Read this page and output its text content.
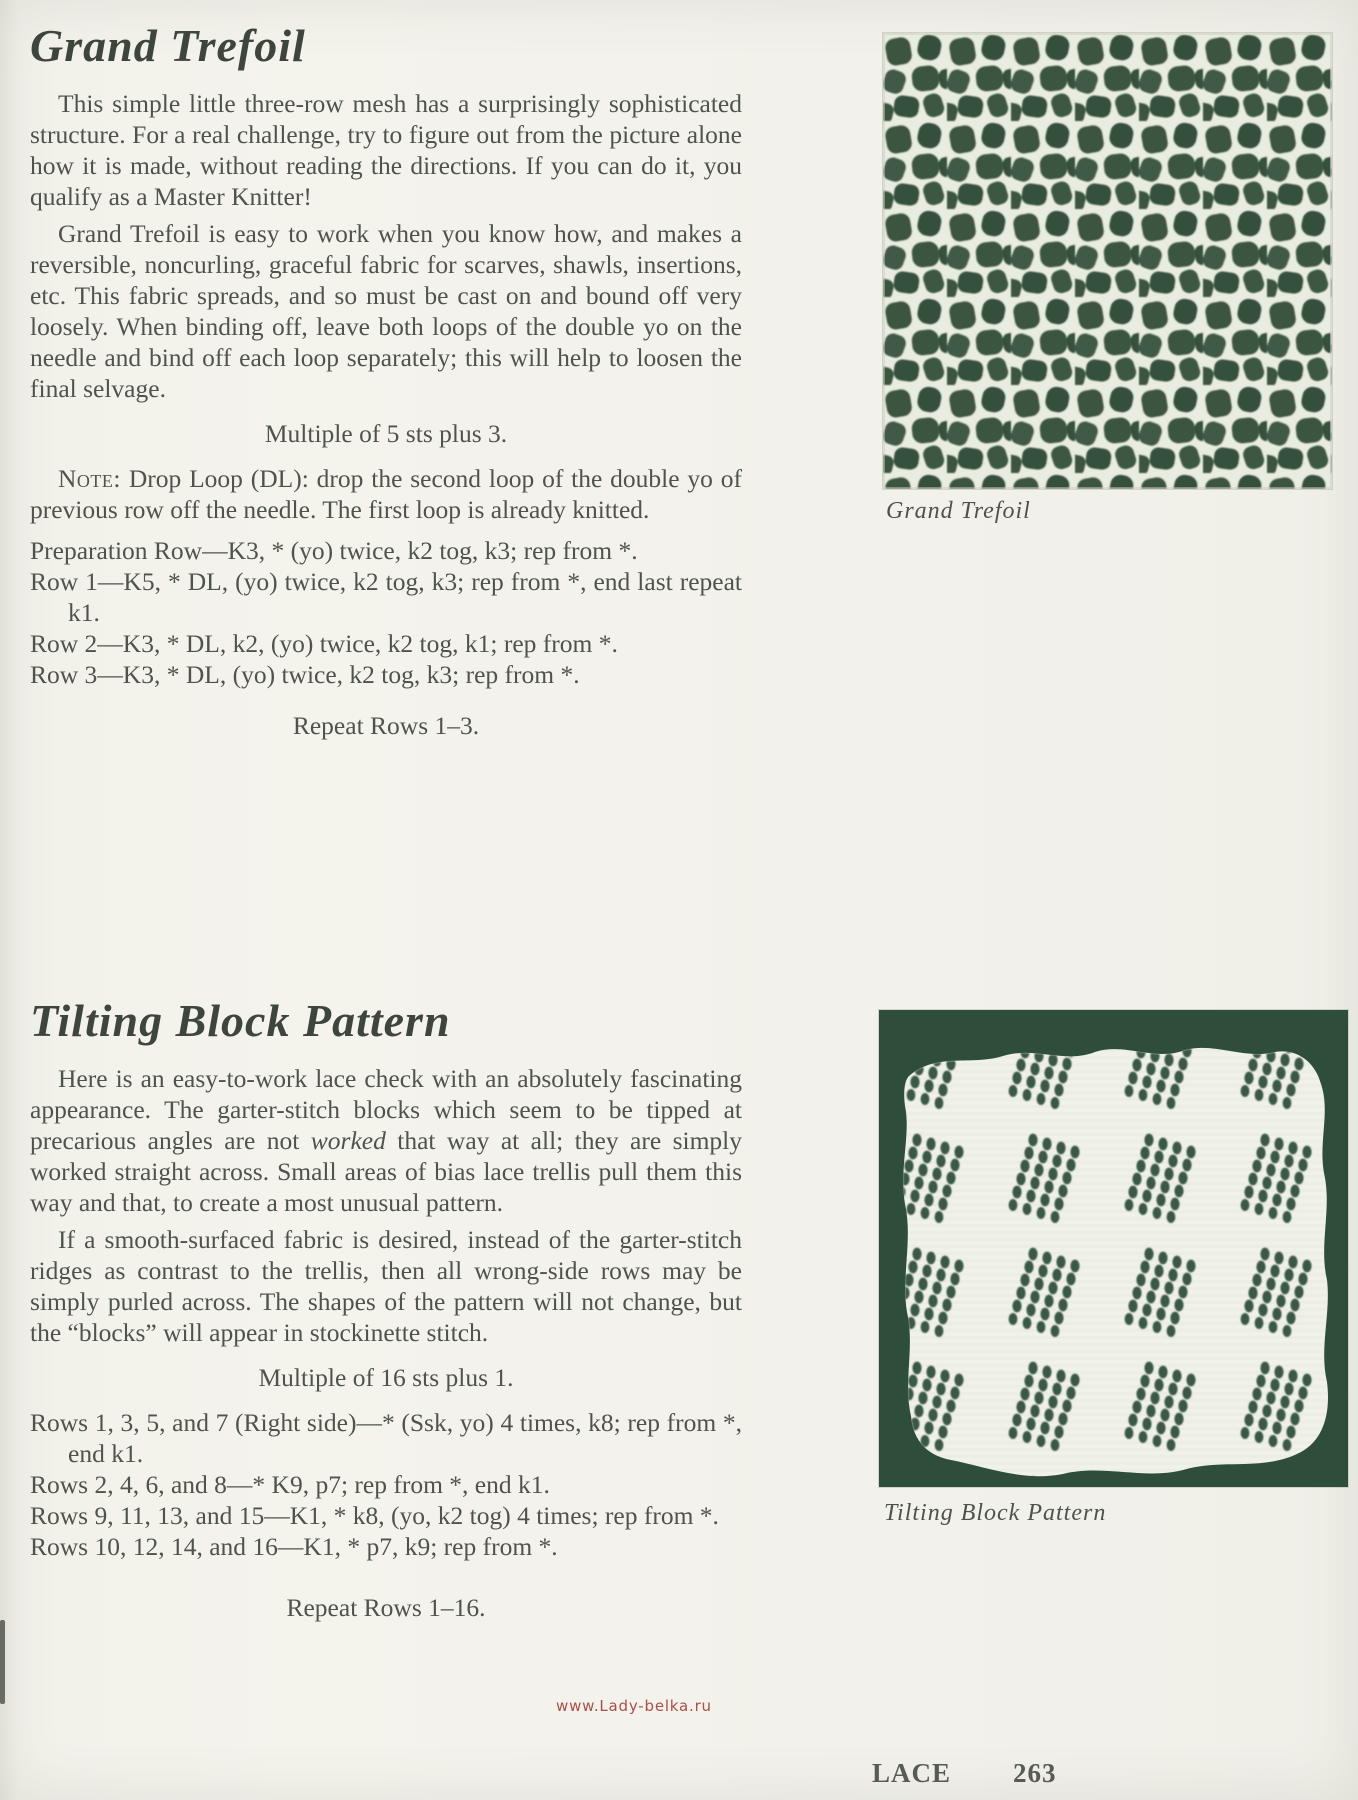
Grand Trefoil

This simple little three-row mesh has a surprisingly sophisticated structure. For a real challenge, try to figure out from the picture alone how it is made, without reading the directions. If you can do it, you qualify as a Master Knitter!

Grand Trefoil is easy to work when you know how, and makes a reversible, noncurling, graceful fabric for scarves, shawls, insertions, etc. This fabric spreads, and so must be cast on and bound off very loosely. When binding off, leave both loops of the double yo on the needle and bind off each loop separately; this will help to loosen the final selvage.

Multiple of 5 sts plus 3.

Note: Drop Loop (DL): drop the second loop of the double yo of previous row off the needle. The first loop is already knitted.

Preparation Row—K3, * (yo) twice, k2 tog, k3; rep from *.

Row 1—K5, * DL, (yo) twice, k2 tog, k3; rep from *, end last repeat k1.

Row 2—K3, * DL, k2, (yo) twice, k2 tog, k1; rep from *.

Row 3—K3, * DL, (yo) twice, k2 tog, k3; rep from *.

Repeat Rows 1–3.

Tilting Block Pattern

Here is an easy-to-work lace check with an absolutely fascinating appearance. The garter-stitch blocks which seem to be tipped at precarious angles are not worked that way at all; they are simply worked straight across. Small areas of bias lace trellis pull them this way and that, to create a most unusual pattern.

If a smooth-surfaced fabric is desired, instead of the garter-stitch ridges as contrast to the trellis, then all wrong-side rows may be simply purled across. The shapes of the pattern will not change, but the “blocks” will appear in stockinette stitch.

Multiple of 16 sts plus 1.

Rows 1, 3, 5, and 7 (Right side)—* (Ssk, yo) 4 times, k8; rep from *, end k1.

Rows 2, 4, 6, and 8—* K9, p7; rep from *, end k1.

Rows 9, 11, 13, and 15—K1, * k8, (yo, k2 tog) 4 times; rep from *.

Rows 10, 12, 14, and 16—K1, * p7, k9; rep from *.

Repeat Rows 1–16.

Grand Trefoil
Tilting Block Pattern
www.Lady-belka.ru
LACE 263
